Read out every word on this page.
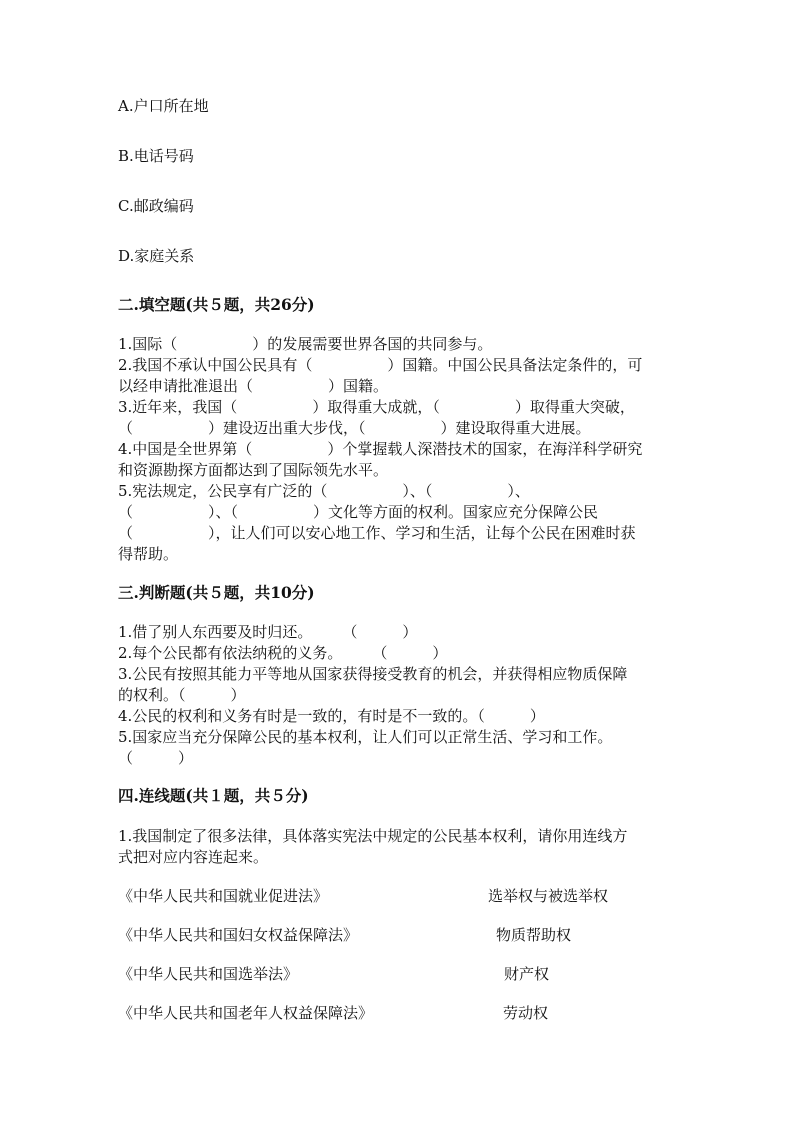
A.户口所在地
B.电话号码
C.邮政编码
D.家庭关系
二.填空题(共５题，共26分)
1.国际（　　　　　）的发展需要世界各国的共同参与。
2.我国不承认中国公民具有（　　　　　）国籍。中国公民具备法定条件的，可
以经申请批准退出（　　　　　）国籍。
3.近年来，我国（　　　　　）取得重大成就，（　　　　　）取得重大突破，
（　　　　　）建设迈出重大步伐，（　　　　　）建设取得重大进展。
4.中国是全世界第（　　　　　）个掌握载人深潜技术的国家，在海洋科学研究
和资源勘探方面都达到了国际领先水平。
5.宪法规定，公民享有广泛的（　　　　　）、（　　　　　）、
（　　　　　）、（　　　　　）文化等方面的权利。国家应充分保障公民
（　　　　　），让人们可以安心地工作、学习和生活，让每个公民在困难时获
得帮助。
三.判断题(共５题，共10分)
1.借了别人东西要及时归还。　　　（　　　）
2.每个公民都有依法纳税的义务。　　　（　　　）
3.公民有按照其能力平等地从国家获得接受教育的机会，并获得相应物质保障
的权利。（　　　）
4.公民的权利和义务有时是一致的，有时是不一致的。（　　　）
5.国家应当充分保障公民的基本权利，让人们可以正常生活、学习和工作。
（　　　）
四.连线题(共１题，共５分)
1.我国制定了很多法律，具体落实宪法中规定的公民基本权利，请你用连线方
式把对应内容连起来。
《中华人民共和国就业促进法》	选举权与被选举权
《中华人民共和国妇女权益保障法》	物质帮助权
《中华人民共和国选举法》	财产权
《中华人民共和国老年人权益保障法》	劳动权
